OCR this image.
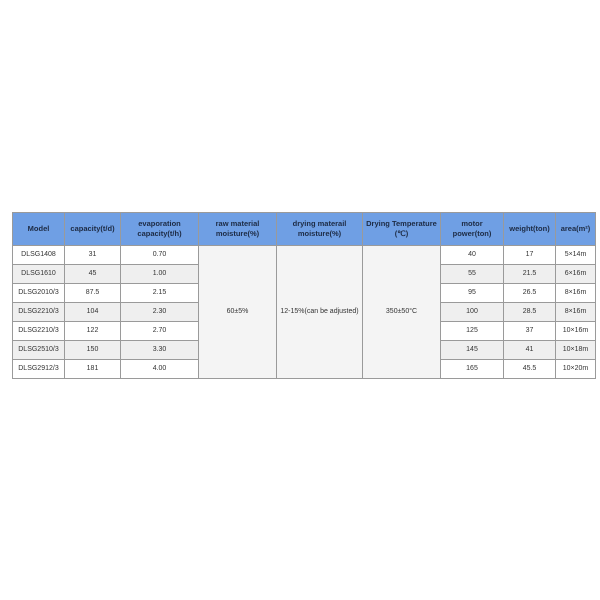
Model	capacity(t/d)	evaporation capacity(t/h)	raw material moisture(%)	drying materail moisture(%)	Drying Temperature (℃)	motor power(ton)	weight(ton)	area(m²)
DLSG1408	31	0.70	60±5%	12-15%(can be adjusted)	350±50°C	40	17	5×14m
DLSG1610	45	1.00				55	21.5	6×16m
DLSG2010/3	87.5	2.15				95	26.5	8×16m
DLSG2210/3	104	2.30				100	28.5	8×16m
DLSG2210/3	122	2.70				125	37	10×16m
DLSG2510/3	150	3.30				145	41	10×18m
DLSG2912/3	181	4.00				165	45.5	10×20m
